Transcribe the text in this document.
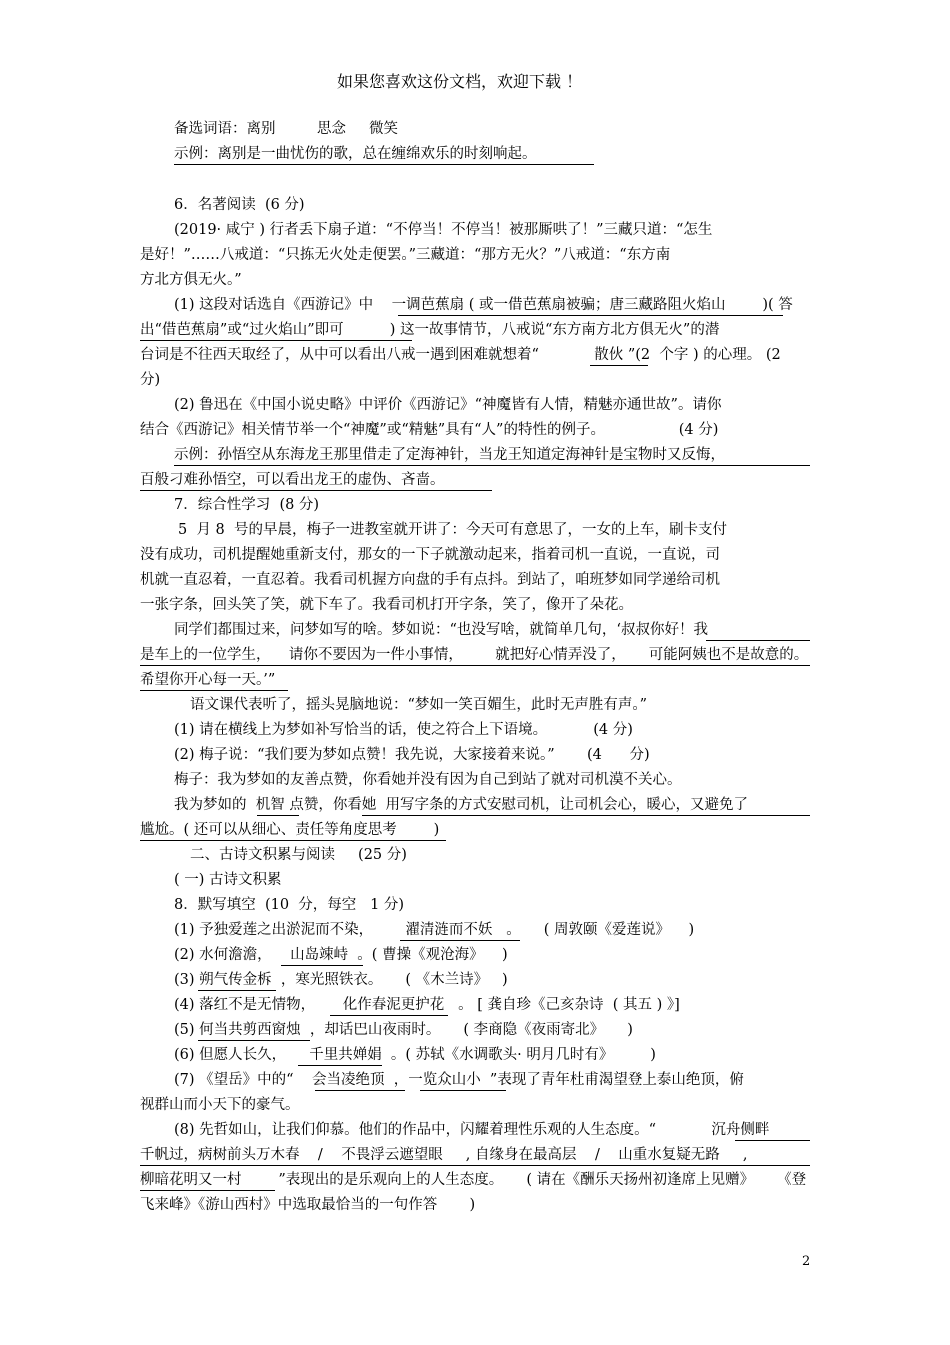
如果您喜欢这份文档，欢迎下载 ！
备选词语：离别         思念     微笑
示例：离别是一曲忧伤的歌，总在缠绵欢乐的时刻响起。
6．名著阅读  (6 分)
(2019· 咸宁 ) 行者丢下扇子道：“不停当！不停当！被那厮哄了！”三藏只道：“怎生
是好！”……八戒道：“只拣无火处走便罢。”三藏道：“那方无火？”八戒道：“东方南
方北方俱无火。”
(1) 这段对话选自《西游记》中    一调芭蕉扇 ( 或一借芭蕉扇被骗；唐三藏路阻火焰山        )( 答
出“借芭蕉扇”或“过火焰山”即可          ) 这一故事情节，八戒说“东方南方北方俱无火”的潜
台词是不往西天取经了，从中可以看出八戒一遇到困难就想着“            散伙 ”(2  个字 ) 的心理。 (2
分)
(2) 鲁迅在《中国小说史略》中评价《西游记》“神魔皆有人情，精魅亦通世故”。请你
结合《西游记》相关情节举一个“神魔”或“精魅”具有“人”的特性的例子。                (4 分)
示例：孙悟空从东海龙王那里借走了定海神针，当龙王知道定海神针是宝物时又反悔，
百般刁难孙悟空，可以看出龙王的虚伪、吝啬。
7．综合性学习  (8 分)
5  月 8  号的早晨，梅子一进教室就开讲了：今天可有意思了，一女的上车，刷卡支付
没有成功，司机提醒她重新支付，那女的一下子就激动起来，指着司机一直说，一直说，司
机就一直忍着，一直忍着。我看司机握方向盘的手有点抖。到站了，咱班梦如同学递给司机
一张字条，回头笑了笑，就下车了。我看司机打开字条，笑了，像开了朵花。
同学们都围过来，问梦如写的啥。梦如说：“也没写啥，就简单几句，‘叔叔你好！我
是车上的一位学生，    请你不要因为一件小事情，       就把好心情弄没了，     可能阿姨也不是故意的。
希望你开心每一天。’”
语文课代表听了，摇头晃脑地说：“梦如一笑百媚生，此时无声胜有声。”
(1) 请在横线上为梦如补写恰当的话，使之符合上下语境。          (4 分)
(2) 梅子说：“我们要为梦如点赞！我先说，大家接着来说。”       (4      分)
梅子：我为梦如的友善点赞，你看她并没有因为自己到站了就对司机漠不关心。
我为梦如的  机智 点赞，你看她  用写字条的方式安慰司机，让司机会心，暖心，又避免了
尴尬。( 还可以从细心、责任等角度思考        )
二、古诗文积累与阅读     (25 分)
( 一) 古诗文积累
8．默写填空  (10  分，每空   1 分)
(1) 予独爱莲之出淤泥而不染，       濯清涟而不妖   。     ( 周敦颐《爱莲说》    )
(2) 水何澹澹，    山岛竦峙  。( 曹操《观沧海》    )
(3) 朔气传金柝  ，寒光照铁衣。     ( 《木兰诗》   )
(4) 落红不是无情物，      化作春泥更护花   。 [ 龚自珍《己亥杂诗  ( 其五 ) 》]
(5) 何当共剪西窗烛  ，却话巴山夜雨时。     ( 李商隐《夜雨寄北》     )
(6) 但愿人长久，     千里共婵娟  。( 苏轼《水调歌头· 明月几时有》        )
(7) 《望岳》中的“    会当凌绝顶  ，一览众山小  ”表现了青年杜甫渴望登上泰山绝顶，俯
视群山而小天下的豪气。
(8) 先哲如山，让我们仰慕。他们的作品中，闪耀着理性乐观的人生态度。“            沉舟侧畔
千帆过，病树前头万木春    /    不畏浮云遮望眼     , 自缘身在最高层    /    山重水复疑无路     ,
柳暗花明又一村        ”表现出的是乐观向上的人生态度。     ( 请在《酬乐天扬州初逢席上见赠》     《登
飞来峰》《游山西村》中选取最恰当的一句作答       )
2
